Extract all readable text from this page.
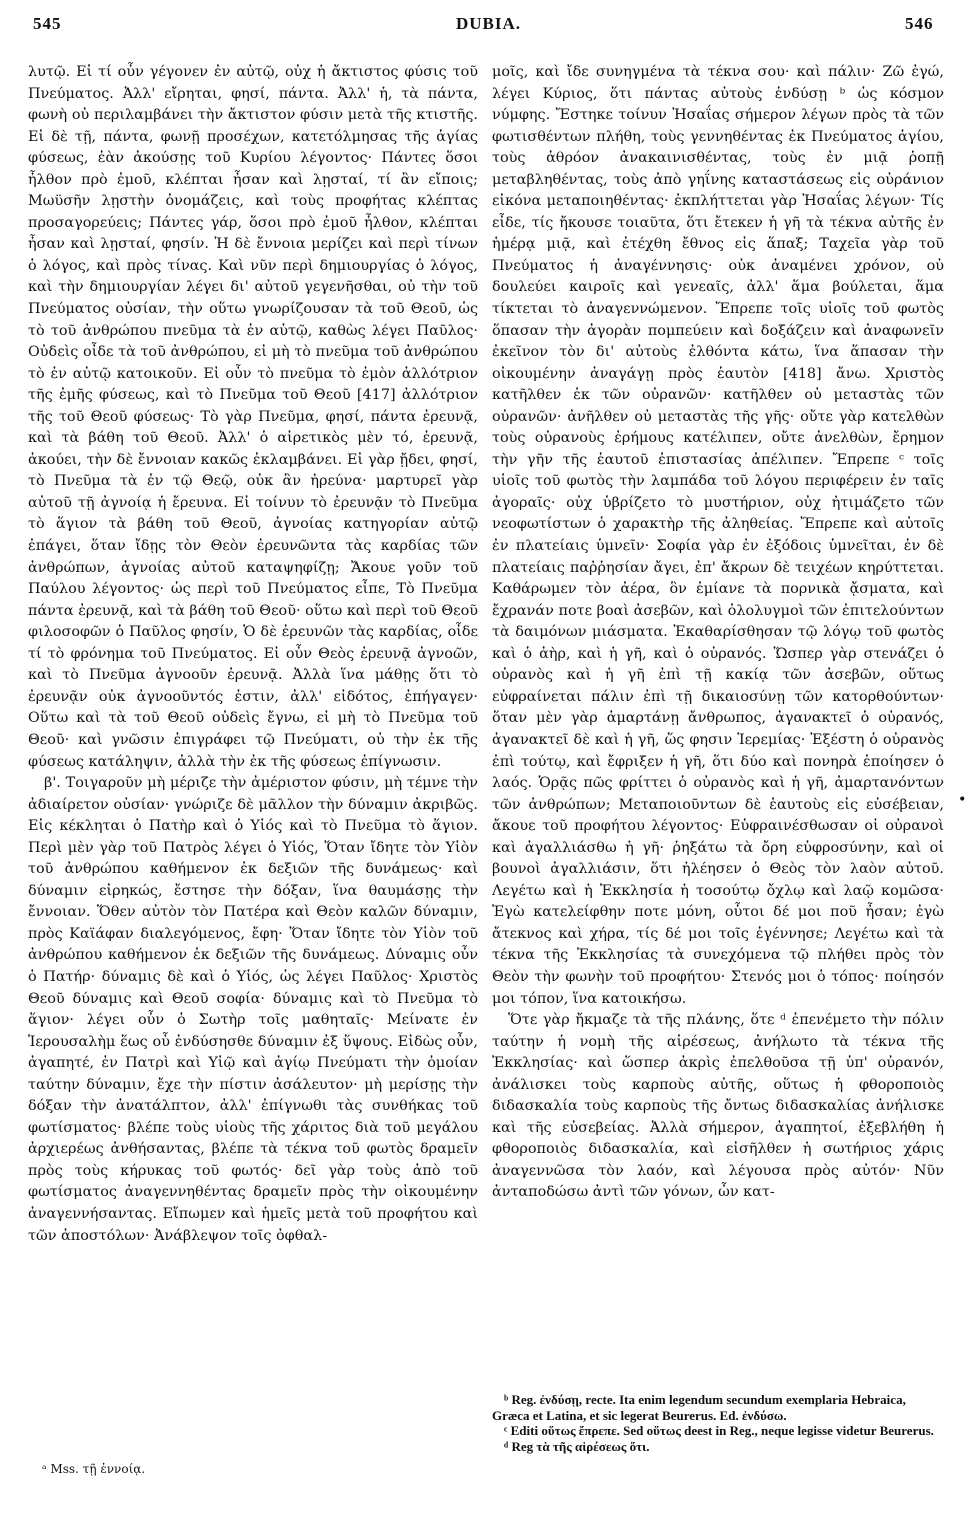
545	DUBIA.	546

λυτῷ. Εἰ τί οὖν γέγονεν ἐν αὐτῷ, οὐχ ἡ ἄκτιστος φύσις τοῦ Πνεύματος. Ἀλλ' εἴρηται, φησί, πάντα. Ἀλλ' ἡ, τὰ πάντα, φωνὴ οὐ περιλαμβάνει τὴν ἄκτιστον φύσιν μετὰ τῆς κτιστῆς. Εἰ δὲ τῇ, πάντα, φωνῇ προσέχων, κατετόλμησας τῆς ἁγίας φύσεως, ἐὰν ἀκούσῃς τοῦ Κυρίου λέγοντος· Πάντες ὅσοι ἦλθον πρὸ ἐμοῦ, κλέπται ἦσαν καὶ λῃσταί, τί ἂν εἴποις; Μωϋσῆν λῃστὴν ὀνομάζεις, καὶ τοὺς προφήτας κλέπτας προσαγορεύεις; Πάντες γάρ, ὅσοι πρὸ ἐμοῦ ἦλθον, κλέπται ἦσαν καὶ λῃσταί, φησίν. Ἡ δὲ ἔννοια μερίζει καὶ περὶ τίνων ὁ λόγος, καὶ πρὸς τίνας. Καὶ νῦν περὶ δημιουργίας ὁ λόγος, καὶ τὴν δημιουργίαν λέγει δι' αὐτοῦ γεγενῆσθαι, οὐ τὴν τοῦ Πνεύματος οὐσίαν, τὴν οὕτω γνωρίζουσαν τὰ τοῦ Θεοῦ, ὡς τὸ τοῦ ἀνθρώπου πνεῦμα τὰ ἐν αὐτῷ, καθὼς λέγει Παῦλος· Οὐδεὶς οἶδε τὰ τοῦ ἀνθρώπου, εἰ μὴ τὸ πνεῦμα τοῦ ἀνθρώπου τὸ ἐν αὐτῷ κατοικοῦν. Εἰ οὖν τὸ πνεῦμα τὸ ἐμὸν ἀλλότριον τῆς ἐμῆς φύσεως, καὶ τὸ Πνεῦμα τοῦ Θεοῦ [417] ἀλλότριον τῆς τοῦ Θεοῦ φύσεως· Τὸ γὰρ Πνεῦμα, φησί, πάντα ἐρευνᾷ, καὶ τὰ βάθη τοῦ Θεοῦ. Ἀλλ' ὁ αἱρετικὸς μὲν τό, ἐρευνᾷ, ἀκούει, τὴν δὲ ἔννοιαν κακῶς ἐκλαμβάνει. Εἰ γὰρ ᾔδει, φησί, τὸ Πνεῦμα τὰ ἐν τῷ Θεῷ, οὐκ ἂν ἠρεύνα· μαρτυρεῖ γὰρ αὐτοῦ τῇ ἀγνοίᾳ ἡ ἔρευνα. Εἰ τοίνυν τὸ ἐρευνᾷν τὸ Πνεῦμα τὸ ἅγιον τὰ βάθη τοῦ Θεοῦ, ἀγνοίας κατηγορίαν αὐτῷ ἐπάγει, ὅταν ἴδῃς τὸν Θεὸν ἐρευνῶντα τὰς καρδίας τῶν ἀνθρώπων, ἀγνοίας αὐτοῦ καταψηφίζῃ; Ἄκουε γοῦν τοῦ Παύλου λέγοντος· ὡς περὶ τοῦ Πνεύματος εἶπε, Τὸ Πνεῦμα πάντα ἐρευνᾷ, καὶ τὰ βάθη τοῦ Θεοῦ· οὕτω καὶ περὶ τοῦ Θεοῦ φιλοσοφῶν ὁ Παῦλος φησίν, Ὁ δὲ ἐρευνῶν τὰς καρδίας, οἶδε τί τὸ φρόνημα τοῦ Πνεύματος. Εἰ οὖν Θεὸς ἐρευνᾷ ἀγνοῶν, καὶ τὸ Πνεῦμα ἀγνοοῦν ἐρευνᾷ. Ἀλλὰ ἵνα μάθῃς ὅτι τὸ ἐρευνᾷν οὐκ ἀγνοοῦντός ἐστιν, ἀλλ' εἰδότος, ἐπήγαγεν· Οὕτω καὶ τὰ τοῦ Θεοῦ οὐδεὶς ἔγνω, εἰ μὴ τὸ Πνεῦμα τοῦ Θεοῦ· καὶ γνῶσιν ἐπιγράφει τῷ Πνεύματι, οὐ τὴν ἐκ τῆς φύσεως κατάληψιν, ἀλλὰ τὴν ἐκ τῆς φύσεως ἐπίγνωσιν.

β'. Τοιγαροῦν μὴ μέριζε τὴν ἀμέριστον φύσιν, μὴ τέμνε τὴν ἀδιαίρετον οὐσίαν· γνώριζε δὲ μᾶλλον τὴν δύναμιν ἀκριβῶς. Εἰς κέκληται ὁ Πατὴρ καὶ ὁ Υἱός καὶ τὸ Πνεῦμα τὸ ἅγιον. Περὶ μὲν γὰρ τοῦ Πατρὸς λέγει ὁ Υἱός, Ὅταν ἴδητε τὸν Υἱὸν τοῦ ἀνθρώπου καθήμενον ἐκ δεξιῶν τῆς δυνάμεως· καὶ δύναμιν εἰρηκώς, ἔστησε τὴν δόξαν, ἵνα θαυμάσῃς τὴν ἔννοιαν. Ὅθεν αὐτὸν τὸν Πατέρα καὶ Θεὸν καλῶν δύναμιν, πρὸς Καϊάφαν διαλεγόμενος, ἔφη· Ὅταν ἴδητε τὸν Υἱὸν τοῦ ἀνθρώπου καθήμενον ἐκ δεξιῶν τῆς δυνάμεως. Δύναμις οὖν ὁ Πατήρ· δύναμις δὲ καὶ ὁ Υἱός, ὡς λέγει Παῦλος· Χριστὸς Θεοῦ δύναμις καὶ Θεοῦ σοφία· δύναμις καὶ τὸ Πνεῦμα τὸ ἅγιον· λέγει οὖν ὁ Σωτὴρ τοῖς μαθηταῖς· Μείνατε ἐν Ἱερουσαλὴμ ἕως οὗ ἐνδύσησθε δύναμιν ἐξ ὕψους. Εἰδὼς οὖν, ἀγαπητέ, ἐν Πατρὶ καὶ Υἱῷ καὶ ἁγίῳ Πνεύματι τὴν ὁμοίαν ταύτην δύναμιν, ἔχε τὴν πίστιν ἀσάλευτον· μὴ μερίσῃς τὴν δόξαν τὴν ἀνατάλπτον, ἀλλ' ἐπίγνωθι τὰς συνθήκας τοῦ φωτίσματος· βλέπε τοὺς υἱοὺς τῆς χάριτος διὰ τοῦ μεγάλου ἀρχιερέως ἀνθήσαντας, βλέπε τὰ τέκνα τοῦ φωτὸς δραμεῖν πρὸς τοὺς κήρυκας τοῦ φωτός· δεῖ γὰρ τοὺς ἀπὸ τοῦ φωτίσματος ἀναγεννηθέντας δραμεῖν πρὸς τὴν οἰκουμένην ἀναγεννήσαντας. Εἴπωμεν καὶ ἡμεῖς μετὰ τοῦ προφήτου καὶ τῶν ἀποστόλων· Ἀνάβλεψον τοῖς ὀφθαλ-

μοῖς, καὶ ἴδε συνηγμένα τὰ τέκνα σου· καὶ πάλιν· Ζῶ ἐγώ, λέγει Κύριος, ὅτι πάντας αὐτοὺς ἐνδύσῃ ᵇ ὡς κόσμον νύμφης. Ἔστηκε τοίνυν Ἠσαΐας σήμερον λέγων πρὸς τὰ τῶν φωτισθέντων πλήθη, τοὺς γεννηθέντας ἐκ Πνεύματος ἁγίου, τοὺς ἀθρόον ἀνακαινισθέντας, τοὺς ἐν μιᾷ ῥοπῇ μεταβληθέντας, τοὺς ἀπὸ γηΐνης καταστάσεως εἰς οὐράνιον εἰκόνα μεταποιηθέντας· ἐκπλήττεται γὰρ Ἠσαΐας λέγων· Τίς εἶδε, τίς ἤκουσε τοιαῦτα, ὅτι ἔτεκεν ἡ γῆ τὰ τέκνα αὐτῆς ἐν ἡμέρᾳ μιᾷ, καὶ ἐτέχθη ἔθνος εἰς ἅπαξ; Ταχεῖα γὰρ τοῦ Πνεύματος ἡ ἀναγέννησις· οὐκ ἀναμένει χρόνον, οὐ δουλεύει καιροῖς καὶ γενεαῖς, ἀλλ' ἅμα βούλεται, ἅμα τίκτεται τὸ ἀναγεννώμενον. Ἔπρεπε τοῖς υἱοῖς τοῦ φωτὸς ὅπασαν τὴν ἀγορὰν πομπεύειν καὶ δοξάζειν καὶ ἀναφωνεῖν ἐκεῖνον τὸν δι' αὐτοὺς ἐλθόντα κάτω, ἵνα ἅπασαν τὴν οἰκουμένην ἀναγάγῃ πρὸς ἑαυτὸν [418] ἄνω. Χριστὸς κατῆλθεν ἐκ τῶν οὐρανῶν· κατῆλθεν οὐ μεταστὰς τῶν οὐρανῶν· ἀνῆλθεν οὐ μεταστὰς τῆς γῆς· οὔτε γὰρ κατελθὼν τοὺς οὐρανοὺς ἐρήμους κατέλιπεν, οὔτε ἀνελθὼν, ἔρημον τὴν γῆν τῆς ἑαυτοῦ ἐπιστασίας ἀπέλιπεν. Ἔπρεπε ᶜ τοῖς υἱοῖς τοῦ φωτὸς τὴν λαμπάδα τοῦ λόγου περιφέρειν ἐν ταῖς ἀγοραῖς· οὐχ ὑβρίζετο τὸ μυστήριον, οὐχ ἠτιμάζετο τῶν νεοφωτίστων ὁ χαρακτὴρ τῆς ἀληθείας. Ἔπρεπε καὶ αὐτοῖς ἐν πλατείαις ὑμνεῖν· Σοφία γὰρ ἐν ἐξόδοις ὑμνεῖται, ἐν δὲ πλατείαις παῤῥησίαν ἄγει, ἐπ' ἄκρων δὲ τειχέων κηρύττεται. Καθάρωμεν τὸν ἀέρα, ὃν ἐμίανε τὰ πορνικὰ ᾄσματα, καὶ ἔχρανάν ποτε βοαὶ ἀσεβῶν, καὶ ὁλολυγμοὶ τῶν ἐπιτελούντων τὰ δαιμόνων μιάσματα. Ἐκαθαρίσθησαν τῷ λόγῳ τοῦ φωτὸς καὶ ὁ ἀὴρ, καὶ ἡ γῆ, καὶ ὁ οὐρανός. Ὥσπερ γὰρ στενάζει ὁ οὐρανὸς καὶ ἡ γῆ ἐπὶ τῇ κακίᾳ τῶν ἀσεβῶν, οὕτως εὐφραίνεται πάλιν ἐπὶ τῇ δικαιοσύνῃ τῶν κατορθούντων· ὅταν μὲν γὰρ ἁμαρτάνῃ ἄνθρωπος, ἀγανακτεῖ ὁ οὐρανός, ἀγανακτεῖ δὲ καὶ ἡ γῆ, ὥς φησιν Ἱερεμίας· Ἐξέστη ὁ οὐρανὸς ἐπὶ τούτῳ, καὶ ἔφριξεν ἡ γῆ, ὅτι δύο καὶ πονηρὰ ἐποίησεν ὁ λαός. Ὁρᾷς πῶς φρίττει ὁ οὐρανὸς καὶ ἡ γῆ, ἁμαρτανόντων τῶν ἀνθρώπων; Μεταποιοῦντων δὲ ἑαυτοὺς εἰς εὐσέβειαν, ἄκουε τοῦ προφήτου λέγοντος· Εὐφραινέσθωσαν οἱ οὐρανοὶ καὶ ἀγαλλιάσθω ἡ γῆ· ῥηξάτω τὰ ὄρη εὐφροσύνην, καὶ οἱ βουνοὶ ἀγαλλιάσιν, ὅτι ἠλέησεν ὁ Θεὸς τὸν λαὸν αὐτοῦ. Λεγέτω καὶ ἡ Ἐκκλησία ἡ τοσούτῳ ὄχλῳ καὶ λαῷ κομῶσα· Ἐγὼ κατελείφθην ποτε μόνη, οὗτοι δέ μοι ποῦ ἦσαν; ἐγὼ ἄτεκνος καὶ χήρα, τίς δέ μοι τοῖς ἐγέννησε; Λεγέτω καὶ τὰ τέκνα τῆς Ἐκκλησίας τὰ συνεχόμενα τῷ πλήθει πρὸς τὸν Θεὸν τὴν φωνὴν τοῦ προφήτου· Στενός μοι ὁ τόπος· ποίησόν μοι τόπον, ἵνα κατοικήσω.

Ὅτε γὰρ ἤκμαζε τὰ τῆς πλάνης, ὅτε ᵈ ἐπενέμετο τὴν πόλιν ταύτην ἡ νομὴ τῆς αἱρέσεως, ἀνήλωτο τὰ τέκνα τῆς Ἐκκλησίας· καὶ ὥσπερ ἀκρὶς ἐπελθοῦσα τῇ ὑπ' οὐρανόν, ἀνάλισκει τοὺς καρποὺς αὐτῆς, οὕτως ἡ φθοροποιὸς διδασκαλία τοὺς καρποὺς τῆς ὄντως διδασκαλίας ἀνήλισκε καὶ τῆς εὐσεβείας. Ἀλλὰ σήμερον, ἀγαπητοί, ἐξεβλήθη ἡ φθοροποιὸς διδασκαλία, καὶ εἰσῆλθεν ἡ σωτήριος χάρις ἀναγεννῶσα τὸν λαόν, καὶ λέγουσα πρὸς αὐτόν· Νῦν ἀνταποδώσω ἀντὶ τῶν γόνων, ὧν κατ-

•
ᵃ Mss. τῇ ἐννοίᾳ.

ᵇ Reg. ἐνδύσῃ, recte. Ita enim legendum secundum exemplaria Hebraica, Græca et Latina, et sic legerat Beurerus. Ed. ἐνδύσω.

ᶜ Editi οὕτως ἔπρεπε. Sed οὕτως deest in Reg., neque legisse videtur Beurerus.

ᵈ Reg τὰ τῆς αἱρέσεως ὅτι.
